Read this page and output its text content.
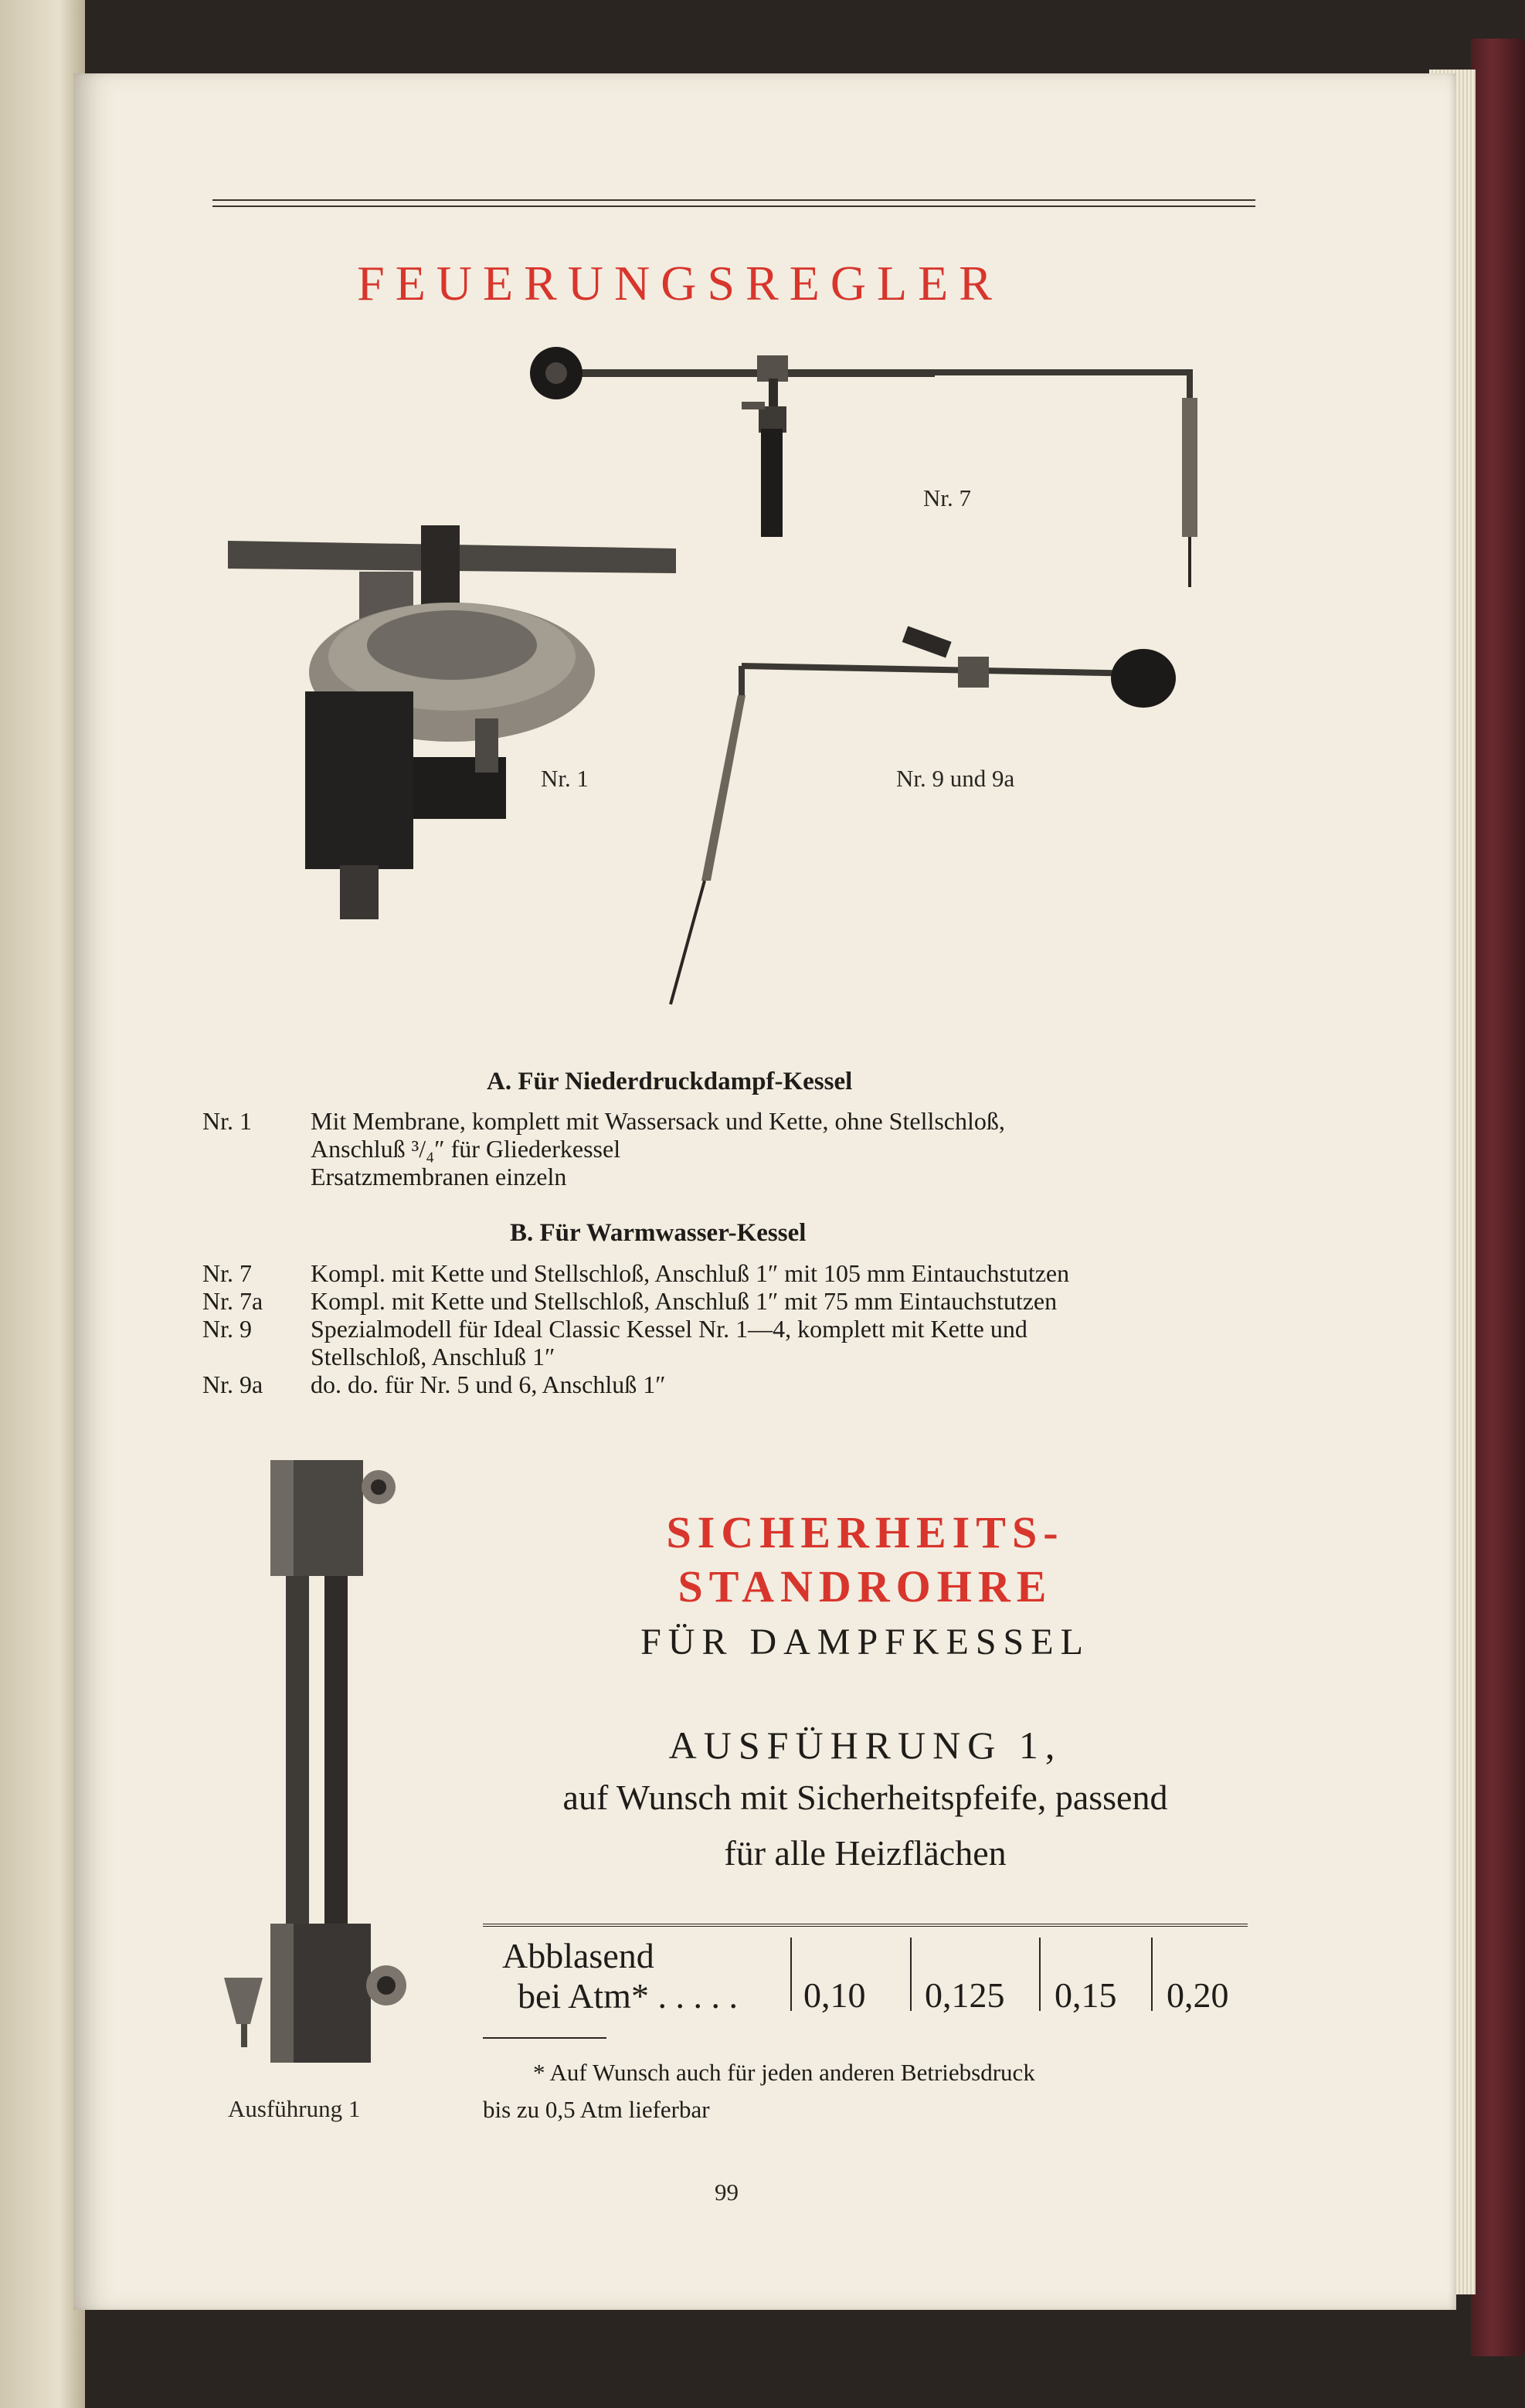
FEUERUNGSREGLER
Nr. 7
Nr. 1	Nr. 9 und 9a
A. Für Niederdruckdampf-Kessel
Nr. 1	Mit Membrane, komplett mit Wassersack und Kette, ohne Stellschloß,
Anschluß ³/₄″ für Gliederkessel
Ersatzmembranen einzeln
B. Für Warmwasser-Kessel
Nr. 7	Kompl. mit Kette und Stellschloß, Anschluß 1″ mit 105 mm Eintauchstutzen
Nr. 7a	Kompl. mit Kette und Stellschloß, Anschluß 1″ mit 75 mm Eintauchstutzen
Nr. 9	Spezialmodell für Ideal Classic Kessel Nr. 1—4, komplett mit Kette und
Stellschloß, Anschluß 1″
Nr. 9a	do. do. für Nr. 5 und 6, Anschluß 1″
Ausführung 1
SICHERHEITS-
STANDROHRE
FÜR DAMPFKESSEL
AUSFÜHRUNG 1,
auf Wunsch mit Sicherheitspfeife, passend
für alle Heizflächen
Abblasend
bei Atm* . . . . . 0,10 0,125 0,15 0,20
* Auf Wunsch auch für jeden anderen Betriebsdruck
bis zu 0,5 Atm lieferbar
99
